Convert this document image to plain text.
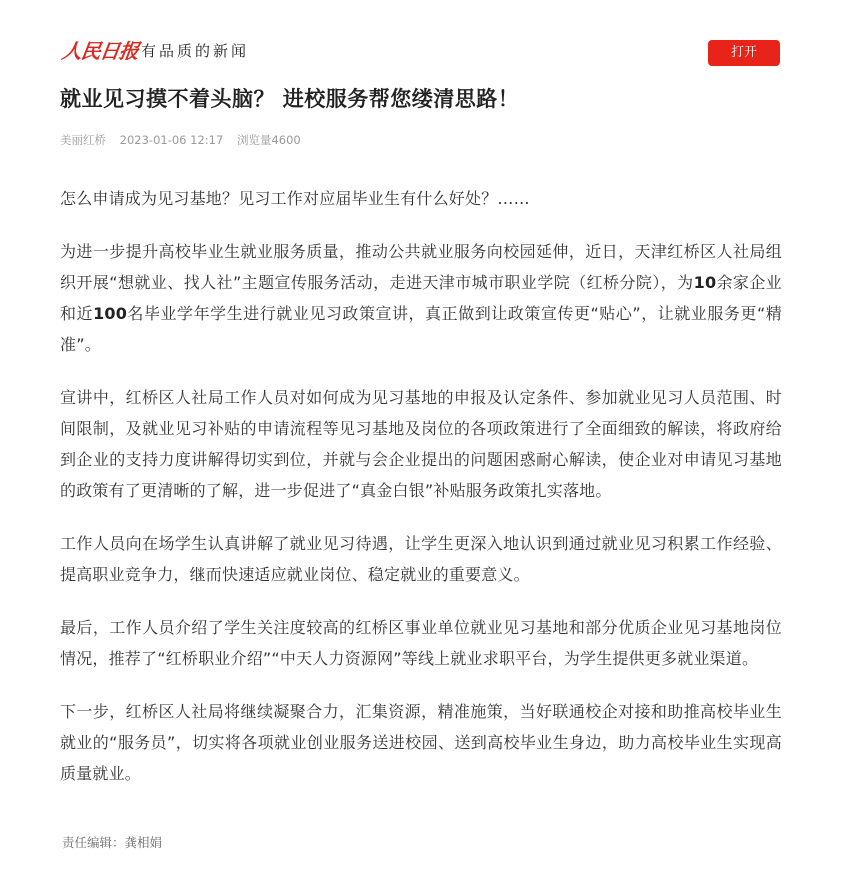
人民日报 有品质的新闻	打开
就业见习摸不着头脑？ 进校服务帮您缕清思路！
美丽红桥 2023-01-06 12:17 浏览量4600

怎么申请成为见习基地？见习工作对应届毕业生有什么好处？……

为进一步提升高校毕业生就业服务质量，推动公共就业服务向校园延伸，近日，天津红桥区人社局组织开展“想就业、找人社”主题宣传服务活动，走进天津市城市职业学院（红桥分院），为10余家企业和近100名毕业学年学生进行就业见习政策宣讲，真正做到让政策宣传更“贴心”，让就业服务更“精准”。

宣讲中，红桥区人社局工作人员对如何成为见习基地的申报及认定条件、参加就业见习人员范围、时间限制，及就业见习补贴的申请流程等见习基地及岗位的各项政策进行了全面细致的解读，将政府给到企业的支持力度讲解得切实到位，并就与会企业提出的问题困惑耐心解读，使企业对申请见习基地的政策有了更清晰的了解，进一步促进了“真金白银”补贴服务政策扎实落地。

工作人员向在场学生认真讲解了就业见习待遇，让学生更深入地认识到通过就业见习积累工作经验、提高职业竞争力，继而快速适应就业岗位、稳定就业的重要意义。

最后，工作人员介绍了学生关注度较高的红桥区事业单位就业见习基地和部分优质企业见习基地岗位情况，推荐了“红桥职业介绍”“中天人力资源网”等线上就业求职平台，为学生提供更多就业渠道。

下一步，红桥区人社局将继续凝聚合力，汇集资源，精准施策，当好联通校企对接和助推高校毕业生就业的“服务员”，切实将各项就业创业服务送进校园、送到高校毕业生身边，助力高校毕业生实现高质量就业。

责任编辑：龚相娟
